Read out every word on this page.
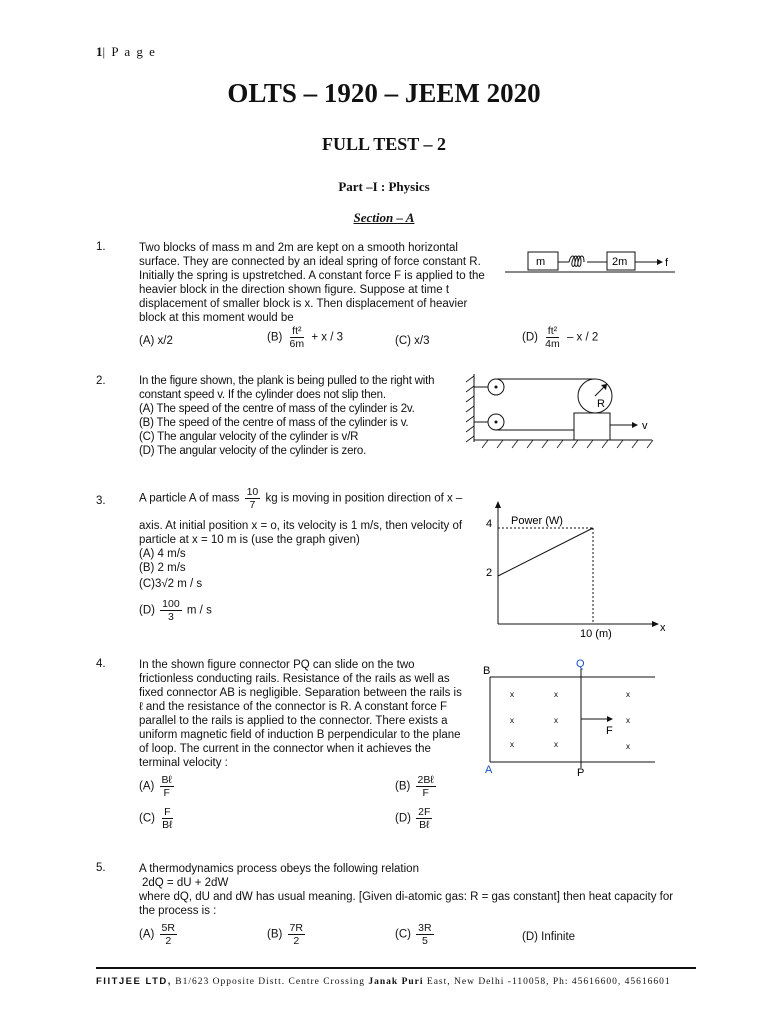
1| P a g e
OLTS – 1920 – JEEM 2020
FULL TEST – 2
Part –I : Physics
Section – A
1.	Two blocks of mass m and 2m are kept on a smooth horizontal
surface. They are connected by an ideal spring of force constant R.
Initially the spring is upstretched. A constant force F is applied to the
heavier block in the direction shown figure. Suppose at time t
displacement of smaller block is x. Then displacement of heavier
block at this moment would be
(A) x/2	$(B) \frac{\text{ft²}}{6m} + x / 3$	(C) x/3	$(D) \frac{\text{ft²}}{4m}$ – x / 2
m	2m	f
2.	In the figure shown, the plank is being pulled to the right with
constant speed v. If the cylinder does not slip then.
(A) The speed of the centre of mass of the cylinder is 2v.
(B) The speed of the centre of mass of the cylinder is v.
(C) The angular velocity of the cylinder is v/R
(D) The angular velocity of the cylinder is zero.
R
v
3.	A particle A of mass $\frac{10}{7}$ kg is moving in position direction of x –
axis. At initial position x = o, its velocity is 1 m/s, then velocity of
particle at x = 10 m is (use the graph given)
(A) 4 m/s
(B) 2 m/s
(C)3√2 m / s
$(D) \frac{100}{3}$ m / s
Power (W)
4
2
10 (m)	x
4.	In the shown figure connector PQ can slide on the two
frictionless conducting rails. Resistance of the rails as well as
fixed connector AB is negligible. Separation between the rails is
ℓ and the resistance of the connector is R. A constant force F
parallel to the rails is applied to the connector. There exists a
uniform magnetic field of induction B perpendicular to the plane
of loop. The current in the connector when it achieves the
terminal velocity :
$(A) \frac{\text{Bℓ}}{F}$	$(B) \frac{\text{2Bℓ}}{F}$
$(C) \frac{F}{\text{Bℓ}}$	$(D) \frac{2F}{\text{Bℓ}}$
B
Q
A	P
F
x	x	x
x	x	x
x	x	x
5.	A thermodynamics process obeys the following relation
2dQ = dU + 2dW
where dQ, dU and dW has usual meaning. [Given di-atomic gas: R = gas constant] then heat capacity for
the process is :
$(A) \frac{5R}{2}$	$(B) \frac{7R}{2}$	$(C) \frac{3R}{5}$	(D) Infinite
FIITJEE LTD, B1/623 Opposite Distt. Centre Crossing Janak Puri East, New Delhi -110058, Ph: 45616600, 45616601
